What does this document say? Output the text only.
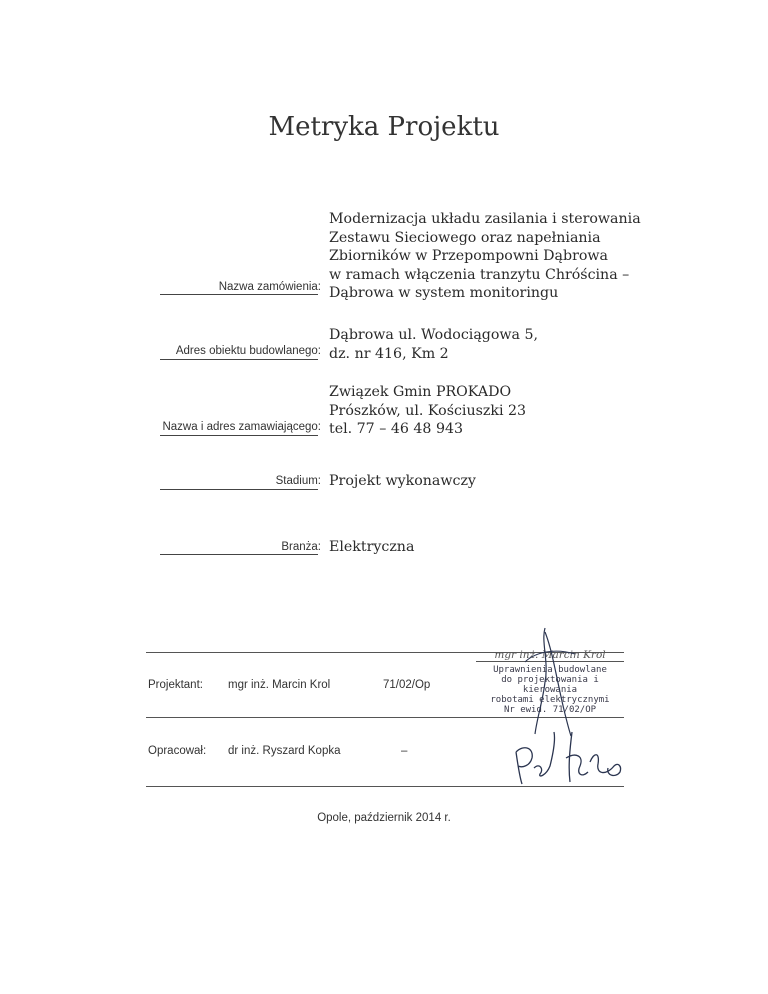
Metryka Projektu
Modernizacja układu zasilania i sterowania
Zestawu Sieciowego oraz napełniania
Zbiorników w Przepompowni Dąbrowa
w ramach włączenia tranzytu Chróścina –
Dąbrowa w system monitoringu
Nazwa zamówienia:
Dąbrowa ul. Wodociągowa 5,
dz. nr 416, Km 2
Adres obiektu budowlanego:
Związek Gmin PROKADO
Prószków, ul. Kościuszki 23
tel. 77 – 46 48 943
Nazwa i adres zamawiającego:
Projekt wykonawczy
Stadium:
Elektryczna
Branża:
Projektant: mgr inż. Marcin Krol	71/02/Op
Opracował: dr inż. Ryszard Kopka	–
mgr inż. Marcin Krol
Uprawnienia budowlane
do projektowania i kierowania
robotami elektrycznymi
Nr ewid. 71/02/OP
Opole, październik 2014 r.
